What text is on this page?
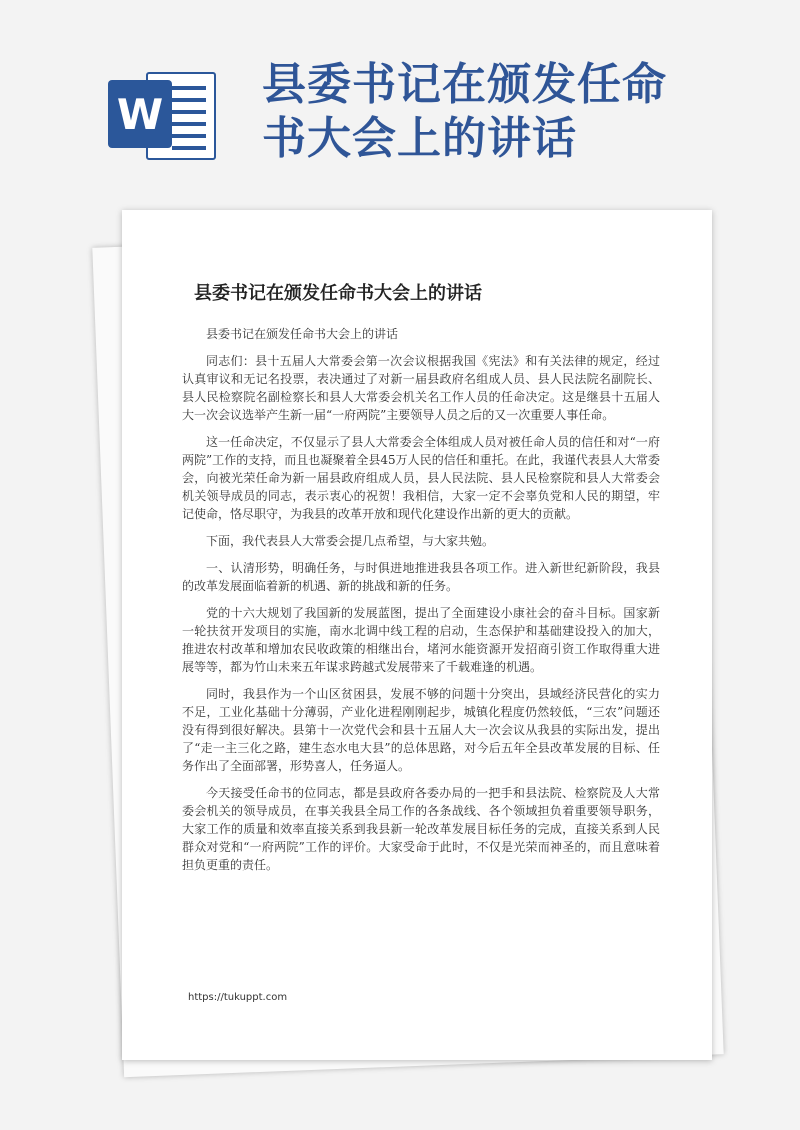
W
县委书记在颁发任命书大会上的讲话
县委书记在颁发任命书大会上的讲话

县委书记在颁发任命书大会上的讲话

同志们：县十五届人大常委会第一次会议根据我国《宪法》和有关法律的规定，经过认真审议和无记名投票，表决通过了对新一届县政府名组成人员、县人民法院名副院长、县人民检察院名副检察长和县人大常委会机关名工作人员的任命决定。这是继县十五届人大一次会议选举产生新一届“一府两院”主要领导人员之后的又一次重要人事任命。

这一任命决定，不仅显示了县人大常委会全体组成人员对被任命人员的信任和对“一府两院”工作的支持，而且也凝聚着全县45万人民的信任和重托。在此，我谨代表县人大常委会，向被光荣任命为新一届县政府组成人员，县人民法院、县人民检察院和县人大常委会机关领导成员的同志，表示衷心的祝贺！我相信，大家一定不会辜负党和人民的期望，牢记使命，恪尽职守，为我县的改革开放和现代化建设作出新的更大的贡献。

下面，我代表县人大常委会提几点希望，与大家共勉。

一、认清形势，明确任务，与时俱进地推进我县各项工作。进入新世纪新阶段，我县的改革发展面临着新的机遇、新的挑战和新的任务。

党的十六大规划了我国新的发展蓝图，提出了全面建设小康社会的奋斗目标。国家新一轮扶贫开发项目的实施，南水北调中线工程的启动，生态保护和基础建设投入的加大，推进农村改革和增加农民收政策的相继出台，堵河水能资源开发招商引资工作取得重大进展等等，都为竹山未来五年谋求跨越式发展带来了千载难逢的机遇。

同时，我县作为一个山区贫困县，发展不够的问题十分突出，县域经济民营化的实力不足，工业化基础十分薄弱，产业化进程刚刚起步，城镇化程度仍然较低，“三农”问题还没有得到很好解决。县第十一次党代会和县十五届人大一次会议从我县的实际出发，提出了“走一主三化之路，建生态水电大县”的总体思路，对今后五年全县改革发展的目标、任务作出了全面部署，形势喜人，任务逼人。

今天接受任命书的位同志，都是县政府各委办局的一把手和县法院、检察院及人大常委会机关的领导成员，在事关我县全局工作的各条战线、各个领域担负着重要领导职务，大家工作的质量和效率直接关系到我县新一轮改革发展目标任务的完成，直接关系到人民群众对党和“一府两院”工作的评价。大家受命于此时，不仅是光荣而神圣的，而且意味着担负更重的责任。

https://tukuppt.com
